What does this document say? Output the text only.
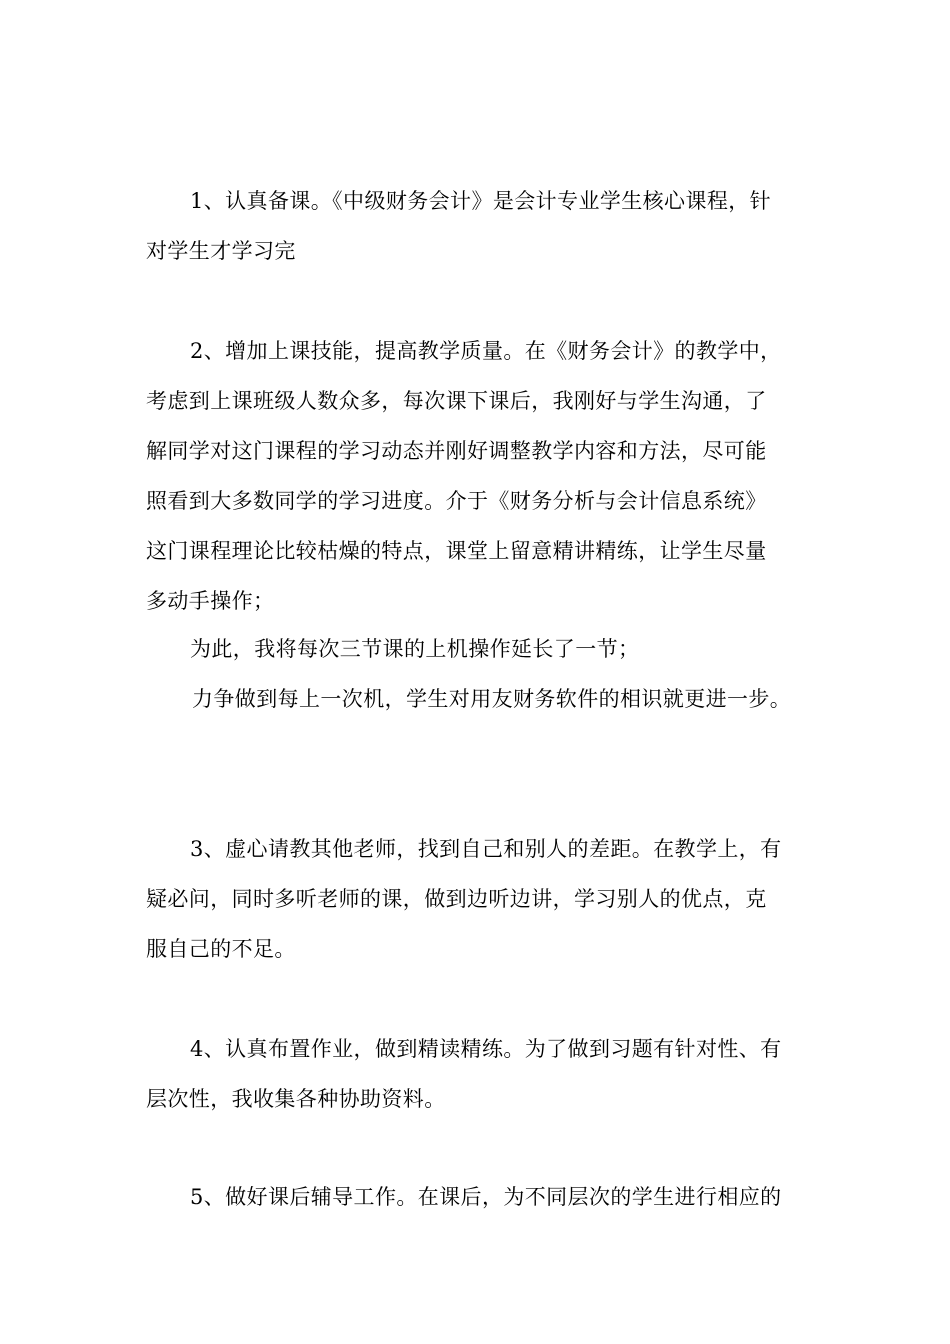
1、认真备课。《中级财务会计》是会计专业学生核心课程，针
对学生才学习完
2、增加上课技能，提高教学质量。在《财务会计》的教学中，
考虑到上课班级人数众多，每次课下课后，我刚好与学生沟通，了
解同学对这门课程的学习动态并刚好调整教学内容和方法，尽可能
照看到大多数同学的学习进度。介于《财务分析与会计信息系统》
这门课程理论比较枯燥的特点，课堂上留意精讲精练，让学生尽量
多动手操作；
为此，我将每次三节课的上机操作延长了一节；
力争做到每上一次机，学生对用友财务软件的相识就更进一步。
3、虚心请教其他老师，找到自己和别人的差距。在教学上，有
疑必问，同时多听老师的课，做到边听边讲，学习别人的优点，克
服自己的不足。
4、认真布置作业，做到精读精练。为了做到习题有针对性、有
层次性，我收集各种协助资料。
5、做好课后辅导工作。在课后，为不同层次的学生进行相应的
